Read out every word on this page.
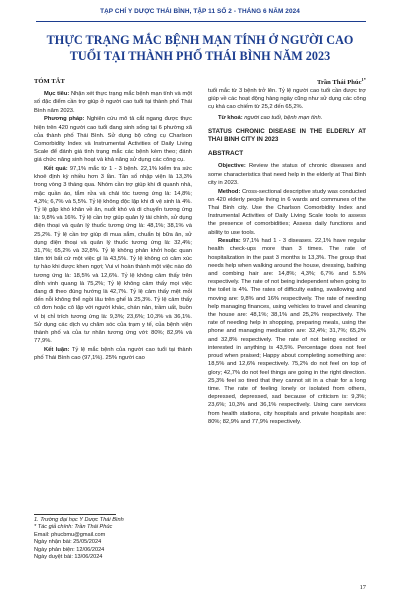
TẠP CHÍ Y DƯỢC THÁI BÌNH, TẬP 11 SỐ 2 - THÁNG 6 NĂM 2024
THỰC TRẠNG MẮC BỆNH MẠN TÍNH Ở NGƯỜI CAO TUỔI TẠI THÀNH PHỐ THÁI BÌNH NĂM 2023
Trần Thái Phúc$^{1*}$
TÓM TẮT

Mục tiêu: Nhận xét thực trạng mắc bệnh mạn tính và một số đặc điểm cần trợ giúp ở người cao tuổi tại thành phố Thái Bình năm 2023.

Phương pháp: Nghiên cứu mô tả cắt ngang được thực hiện trên 420 người cao tuổi đang sinh sống tại 6 phường xã của thành phố Thái Bình. Sử dụng bộ công cụ Charlson Comorbidity Index và Instrumental Activities of Daily Living Scale để đánh giá tình trạng mắc các bệnh kèm theo; đánh giá chức năng sinh hoạt và khả năng sử dụng các công cụ.

Kết quả: 97,1% mắc từ 1 - 3 bệnh. 22,1% kiểm tra sức khoẻ định kỳ nhiều hơn 3 lần. Tần số nhập viện là 13,3% trong vòng 3 tháng qua. Nhóm cần trợ giúp khi đi quanh nhà, mặc quần áo, tắm rửa và chải tóc tương ứng là: 14,8%; 4,3%; 6,7% và 5,5%. Tỷ lệ không độc lập khi đi vệ sinh là 4%. Tỷ lệ gặp khó khăn về ăn, nuốt khó và di chuyển tương ứng là: 9,8% và 16%. Tỷ lệ cần trợ giúp quản lý tài chính, sử dụng điện thoại và quản lý thuốc tương ứng là: 48,1%; 38,1% và 25,2%. Tỷ lệ cần trợ giúp đi mua sắm, chuẩn bị bữa ăn, sử dụng điện thoại và quản lý thuốc tương ứng là: 32,4%; 31,7%; 65,2% và 32,8%. Tỷ lệ không phản khởi hoặc quan tâm tới bất cứ một việc gì là 43,5%. Tỷ lệ không có cảm xúc tự hào khi được khen ngợi; Vui vì hoàn thành một việc nào đó tương ứng là: 18,5% và 12,6%. Tỷ lệ không cảm thấy trên đỉnh vinh quang là 75,2%; Tỷ lệ không cảm thấy mọi việc đang đi theo đúng hướng là 42,7%. Tỷ lệ cảm thấy mệt mỏi đến nỗi không thể ngồi lâu trên ghế là 25,3%. Tỷ lệ cảm thấy cô đơn hoặc cô lập với người khác, chán nản, trầm uất, buồn vì bị chỉ trích tương ứng là: 9,3%; 23,6%; 10,3% và 36,1%. Sử dụng các dịch vụ chăm sóc của trạm y tế, của bệnh viện thành phố và của tư nhân tương ứng với: 80%; 82,9% và 77,9%.

Kết luận: Tỷ lệ mắc bệnh của người cao tuổi tại thành phố Thái Bình cao (97,1%). 25% người cao

tuổi mắc từ 3 bệnh trở lên. Tỷ lệ người cao tuổi cần được trợ giúp về các hoạt động hàng ngày cũng như sử dụng các công cụ khá cao chiếm từ 25,2 đến 65,2%.

Từ khoá: người cao tuổi, bệnh mạn tính.
STATUS CHRONIC DISEASE IN THE ELDERLY AT THAI BINH CITY IN 2023
ABSTRACT

Objective: Review the status of chronic diseases and some characteristics that need help in the elderly at Thai Binh city in 2023.

Method: Cross-sectional descriptive study was conducted on 420 elderly people living in 6 wards and communes of the Thai Binh city. Use the Charlson Comorbidity Index and Instrumental Activities of Daily Living Scale tools to assess the presence of comorbidities; Assess daily functions and ability to use tools.

Results: 97,1% had 1 - 3 diseases. 22,1% have regular health check-ups more than 3 times. The rate of hospitalization in the past 3 months is 13,3%. The group that needs help when walking around the house, dressing, bathing and combing hair are: 14,8%; 4,3%; 6,7% and 5.5% respectively. The rate of not being independent when going to the toilet is 4%. The rates of difficulty eating, swallowing and moving are: 9,8% and 16% respectively. The rate of needing help managing finances, using vehicles to travel and cleaning the house are: 48,1%; 38,1% and 25,2% respectively. The rate of needing help in shopping, preparing meals, using the phone and managing medication are: 32,4%; 31,7%; 65,2% and 32,8% respectively. The rate of not being excited or interested in anything is 43,5%. Percentage does not feel proud when praised; Happy about completing something are: 18,5% and 12,6% respectively. 75,2% do not feel on top of glory; 42,7% do not feel things are going in the right direction. 25,3% feel so tired that they cannot sit in a chair for a long time. The rate of feeling lonely or isolated from others, depressed, depressed, sad because of criticism is: 9,3%; 23,6%; 10,3% and 36,1% respectively. Using care services from health stations, city hospitals and private hospitals are: 80%; 82,9% and 77,9% respectively.

1. Trường đại học Y Dược Thái Bình
* Tác giả chính: Trần Thái Phúc
Email: phucbmu@gmail.com
Ngày nhận bài: 25/05/2024
Ngày phản biện: 12/06/2024
Ngày duyệt bài: 13/06/2024
17
